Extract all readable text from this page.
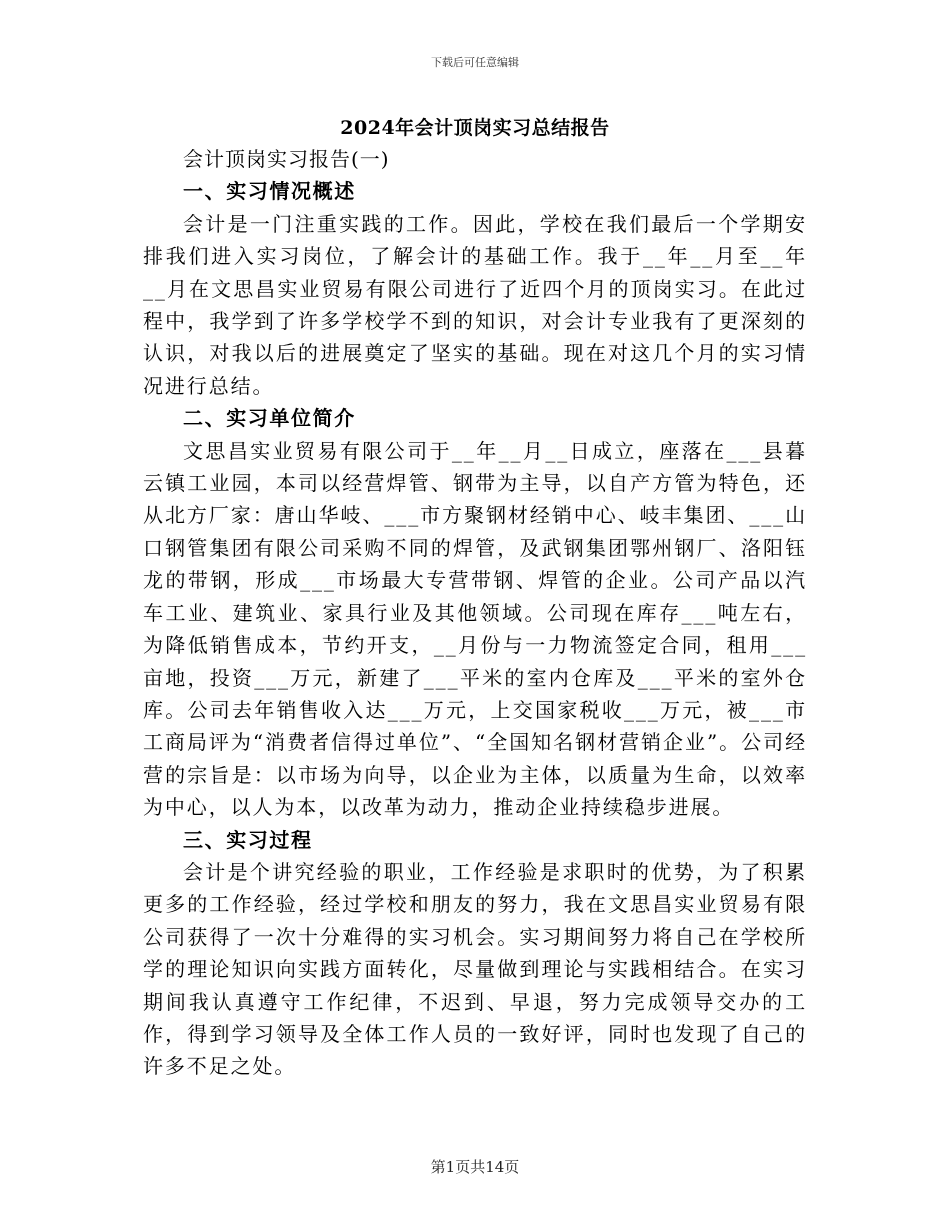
下载后可任意编辑
2024年会计顶岗实习总结报告

会计顶岗实习报告(一)

一、实习情况概述

会计是一门注重实践的工作。因此，学校在我们最后一个学期安排我们进入实习岗位，了解会计的基础工作。我于__年__月至__年__月在文思昌实业贸易有限公司进行了近四个月的顶岗实习。在此过程中，我学到了许多学校学不到的知识，对会计专业我有了更深刻的认识，对我以后的进展奠定了坚实的基础。现在对这几个月的实习情况进行总结。

二、实习单位简介

文思昌实业贸易有限公司于__年__月__日成立，座落在___县暮云镇工业园，本司以经营焊管、钢带为主导，以自产方管为特色，还从北方厂家：唐山华岐、___市方聚钢材经销中心、岐丰集团、___山口钢管集团有限公司采购不同的焊管，及武钢集团鄂州钢厂、洛阳钰龙的带钢，形成___市场最大专营带钢、焊管的企业。公司产品以汽车工业、建筑业、家具行业及其他领域。公司现在库存___吨左右，为降低销售成本，节约开支，__月份与一力物流签定合同，租用___亩地，投资___万元，新建了___平米的室内仓库及___平米的室外仓库。公司去年销售收入达___万元，上交国家税收___万元，被___市工商局评为“消费者信得过单位”、“全国知名钢材营销企业”。公司经营的宗旨是：以市场为向导，以企业为主体，以质量为生命，以效率为中心，以人为本，以改革为动力，推动企业持续稳步进展。

三、实习过程

会计是个讲究经验的职业，工作经验是求职时的优势，为了积累更多的工作经验，经过学校和朋友的努力，我在文思昌实业贸易有限公司获得了一次十分难得的实习机会。实习期间努力将自己在学校所学的理论知识向实践方面转化，尽量做到理论与实践相结合。在实习期间我认真遵守工作纪律，不迟到、早退，努力完成领导交办的工作，得到学习领导及全体工作人员的一致好评，同时也发现了自己的许多不足之处。

第1页共14页
